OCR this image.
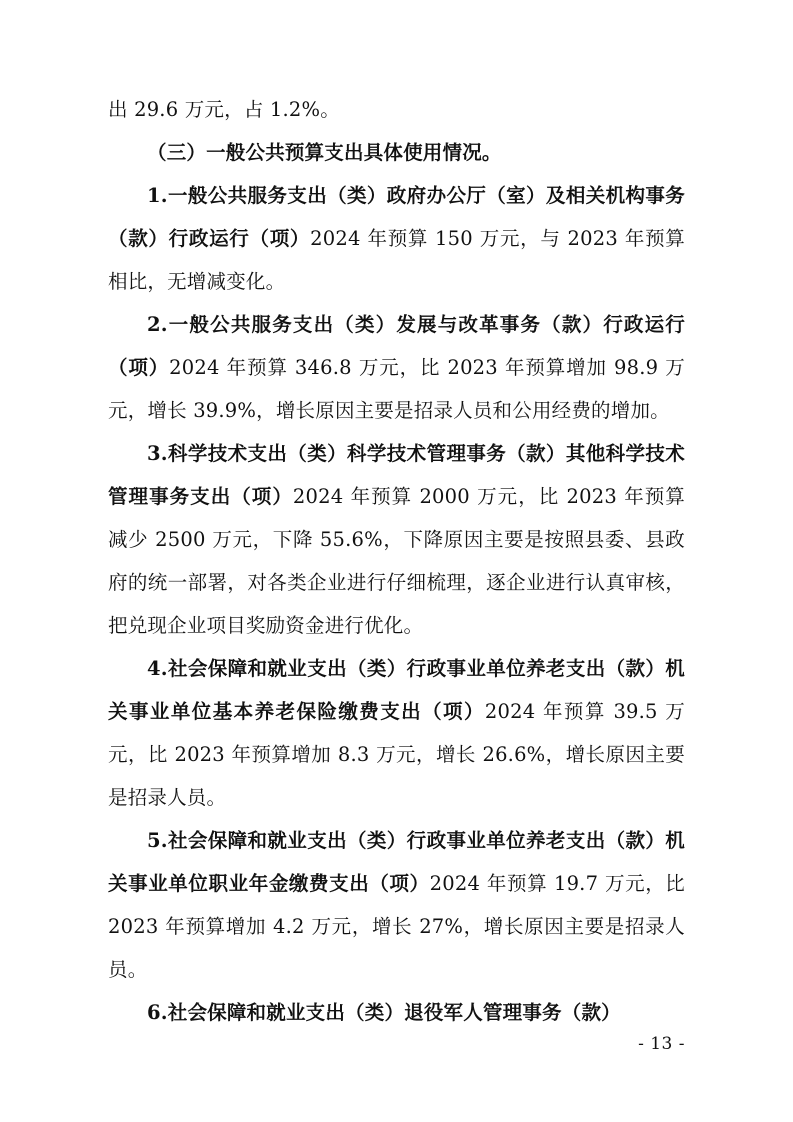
出 29.6 万元，占 1.2%。

（三）一般公共预算支出具体使用情况。

1.一般公共服务支出（类）政府办公厅（室）及相关机构事务（款）行政运行（项）2024 年预算 150 万元，与 2023 年预算相比，无增减变化。

2.一般公共服务支出（类）发展与改革事务（款）行政运行（项）2024 年预算 346.8 万元，比 2023 年预算增加 98.9 万元，增长 39.9%，增长原因主要是招录人员和公用经费的增加。

3.科学技术支出（类）科学技术管理事务（款）其他科学技术管理事务支出（项）2024 年预算 2000 万元，比 2023 年预算减少 2500 万元，下降 55.6%，下降原因主要是按照县委、县政府的统一部署，对各类企业进行仔细梳理，逐企业进行认真审核，把兑现企业项目奖励资金进行优化。

4.社会保障和就业支出（类）行政事业单位养老支出（款）机关事业单位基本养老保险缴费支出（项）2024 年预算 39.5 万元，比 2023 年预算增加 8.3 万元，增长 26.6%，增长原因主要是招录人员。

5.社会保障和就业支出（类）行政事业单位养老支出（款）机关事业单位职业年金缴费支出（项）2024 年预算 19.7 万元，比 2023 年预算增加 4.2 万元，增长 27%，增长原因主要是招录人员。

6.社会保障和就业支出（类）退役军人管理事务（款）

- 13 -
